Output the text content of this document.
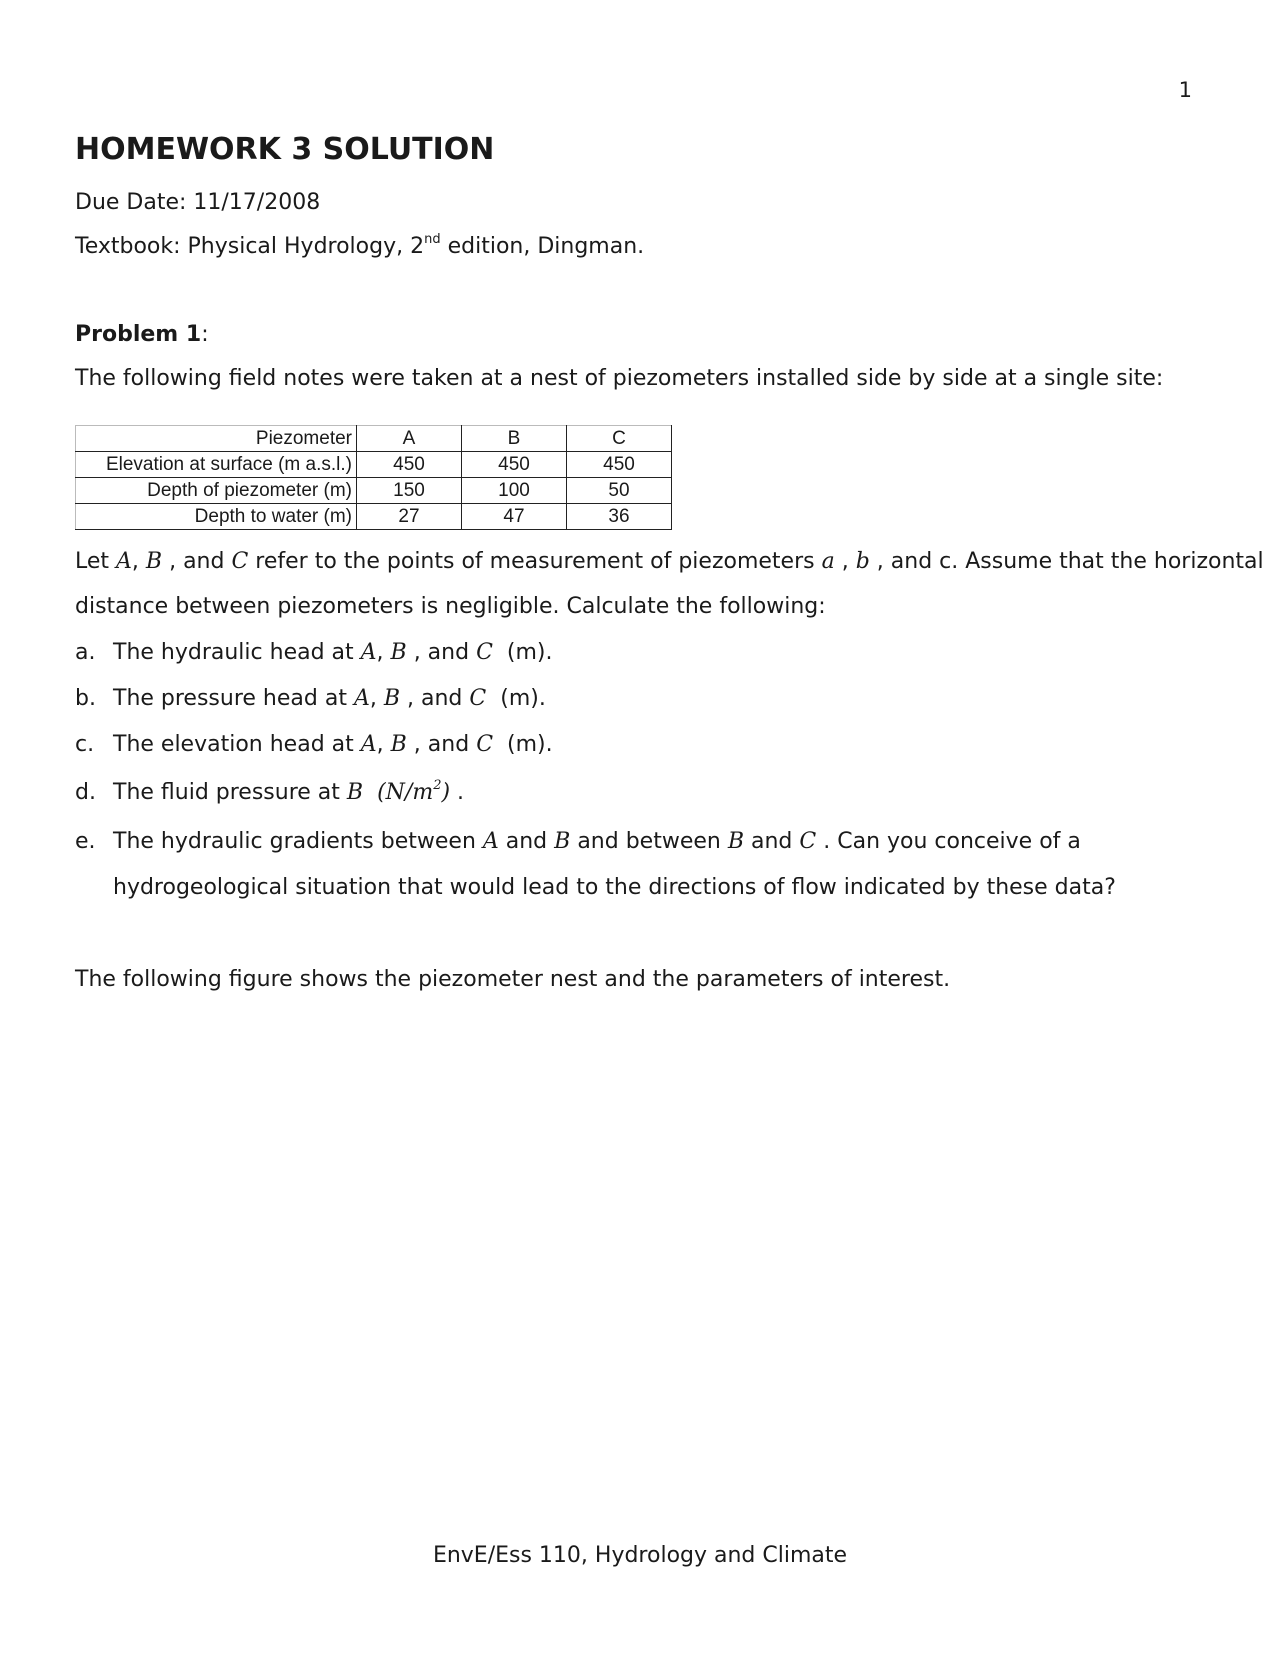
1
HOMEWORK 3 SOLUTION
Due Date: 11/17/2008
Textbook: Physical Hydrology, 2nd edition, Dingman.
Problem 1:
The following field notes were taken at a nest of piezometers installed side by side at a single site:
Piezometer	A	B	C
Elevation at surface (m a.s.l.)	450	450	450
Depth of piezometer (m)	150	100	50
Depth to water (m)	27	47	36
Let A, B , and C refer to the points of measurement of piezometers a , b , and c. Assume that the horizontal
distance between piezometers is negligible. Calculate the following:
a. The hydraulic head at A, B , and C (m).
b. The pressure head at A, B , and C (m).
c. The elevation head at A, B , and C (m).
d. The fluid pressure at B $(N/m^2)$ .
e. The hydraulic gradients between A and B and between B and C . Can you conceive of a
hydrogeological situation that would lead to the directions of flow indicated by these data?
The following figure shows the piezometer nest and the parameters of interest.
EnvE/Ess 110, Hydrology and Climate
